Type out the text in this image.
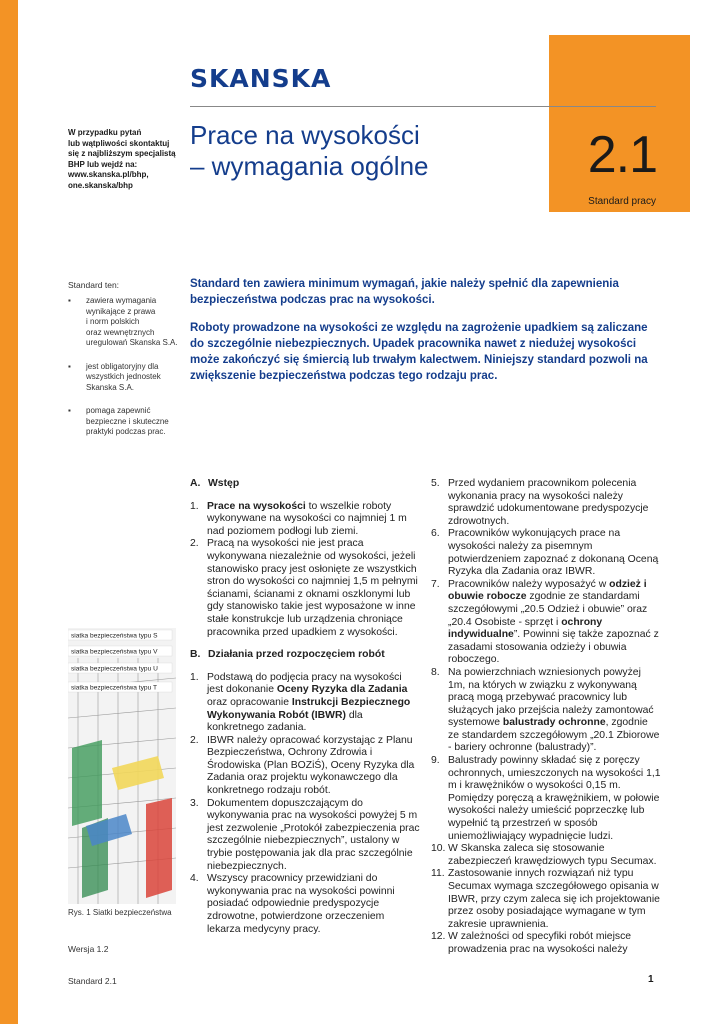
2.1
Standard pracy
SKANSKA
W przypadku pytań
lub wątpliwości skontaktuj
się z najbliższym specjalistą
BHP lub wejdź na:
www.skanska.pl/bhp,
one.skanska/bhp
Prace na wysokości
– wymagania ogólne
Standard ten:
▪ zawiera wymagania
wynikające z prawa
i norm polskich
oraz wewnętrznych
uregulowań Skanska S.A.
▪ jest obligatoryjny dla
wszystkich jednostek
Skanska S.A.
▪ pomaga zapewnić
bezpieczne i skuteczne
praktyki podczas prac.

Standard ten zawiera minimum wymagań, jakie należy spełnić dla zapewnienia bezpieczeństwa podczas prac na wysokości.

Roboty prowadzone na wysokości ze względu na zagrożenie upadkiem są zaliczane do szczególnie niebezpiecznych. Upadek pracownika nawet z niedużej wysokości może zakończyć się śmiercią lub trwałym kalectwem. Niniejszy standard pozwoli na zwiększenie bezpieczeństwa podczas tego rodzaju prac.

A. Wstęp
1. Prace na wysokości to wszelkie roboty wykonywane na wysokości co najmniej 1 m nad poziomem podłogi lub ziemi.
2. Pracą na wysokości nie jest praca wykonywana niezależnie od wysokości, jeżeli stanowisko pracy jest osłonięte ze wszystkich stron do wysokości co najmniej 1,5 m pełnymi ścianami, ścianami z oknami oszklonymi lub gdy stanowisko takie jest wyposażone w inne stałe konstrukcje lub urządzenia chroniące pracownika przed upadkiem z wysokości.
B. Działania przed rozpoczęciem robót
1. Podstawą do podjęcia pracy na wysokości jest dokonanie Oceny Ryzyka dla Zadania oraz opracowanie Instrukcji Bezpiecznego Wykonywania Robót (IBWR) dla konkretnego zadania.
2. IBWR należy opracować korzystając z Planu Bezpieczeństwa, Ochrony Zdrowia i Środowiska (Plan BOZiŚ), Oceny Ryzyka dla Zadania oraz projektu wykonawczego dla konkretnego rodzaju robót.
3. Dokumentem dopuszczającym do wykonywania prac na wysokości powyżej 5 m jest zezwolenie „Protokół zabezpieczenia prac szczególnie niebezpiecznych”, ustalony w trybie postępowania jak dla prac szczególnie niebezpiecznych.
4. Wszyscy pracownicy przewidziani do wykonywania prac na wysokości powinni posiadać odpowiednie predyspozycje zdrowotne, potwierdzone orzeczeniem lekarza medycyny pracy.
5. Przed wydaniem pracownikom polecenia wykonania pracy na wysokości należy sprawdzić udokumentowane predyspozycje zdrowotnych.
6. Pracowników wykonujących prace na wysokości należy za pisemnym potwierdzeniem zapoznać z dokonaną Oceną Ryzyka dla Zadania oraz IBWR.
7. Pracowników należy wyposażyć w odzież i obuwie robocze zgodnie ze standardami szczegółowymi „20.5 Odzież i obuwie” oraz „20.4 Osobiste - sprzęt i ochrony indywidualne”. Powinni się także zapoznać z zasadami stosowania odzieży i obuwia roboczego.
8. Na powierzchniach wzniesionych powyżej 1m, na których w związku z wykonywaną pracą mogą przebywać pracownicy lub służących jako przejścia należy zamontować systemowe balustrady ochronne, zgodnie ze standardem szczegółowym „20.1 Zbiorowe - bariery ochronne (balustrady)”.
9. Balustrady powinny składać się z poręczy ochronnych, umieszczonych na wysokości 1,1 m i krawężników o wysokości 0,15 m. Pomiędzy poręczą a krawężnikiem, w połowie wysokości należy umieścić poprzeczkę lub wypełnić tą przestrzeń w sposób uniemożliwiający wypadnięcie ludzi.
10. W Skanska zaleca się stosowanie zabezpieczeń krawędziowych typu Secumax.
11. Zastosowanie innych rozwiązań niż typu Secumax wymaga szczegółowego opisania w IBWR, przy czym zaleca się ich projektowanie przez osoby posiadające wymagane w tym zakresie uprawnienia.
12. W zależności od specyfiki robót miejsce prowadzenia prac na wysokości należy
siatka bezpieczeństwa typu S
siatka bezpieczeństwa typu V
siatka bezpieczeństwa typu U
siatka bezpieczeństwa typu T
Rys. 1 Siatki bezpieczeństwa
Wersja 1.2
Standard 2.1	1
